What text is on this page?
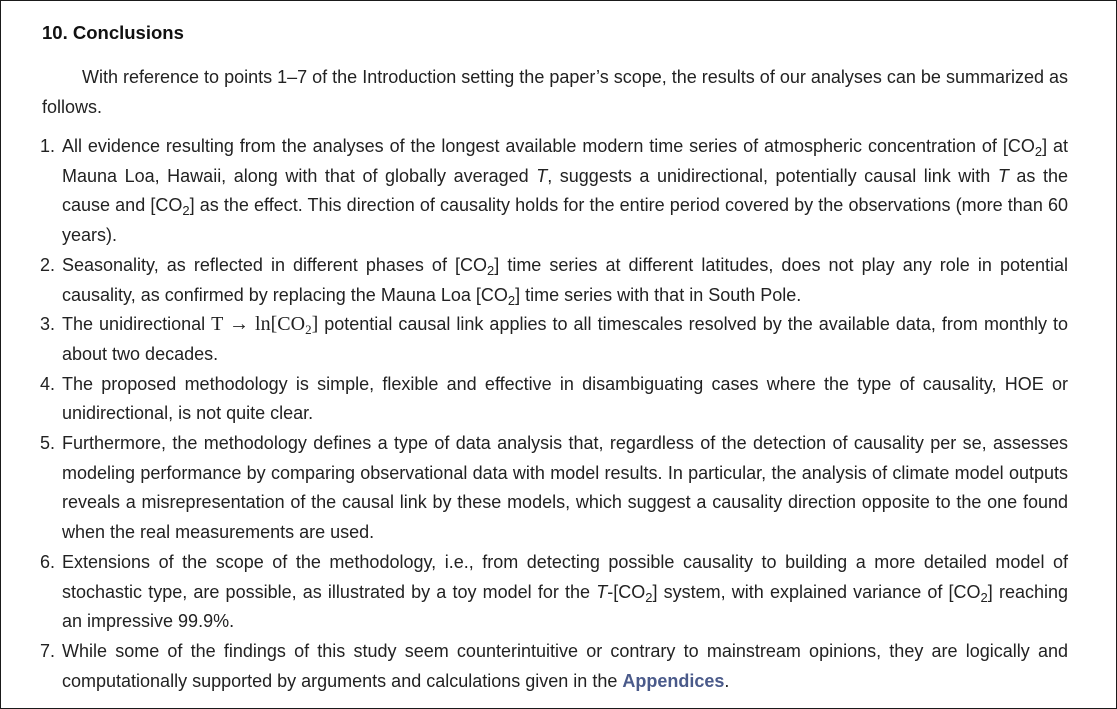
10. Conclusions

With reference to points 1–7 of the Introduction setting the paper’s scope, the results of our analyses can be summarized as follows.

1. All evidence resulting from the analyses of the longest available modern time series of atmospheric concentration of $[CO_2]$ at Mauna Loa, Hawaii, along with that of globally averaged T, suggests a unidirectional, potentially causal link with T as the cause and $[CO_2]$ as the effect. This direction of causality holds for the entire period covered by the observations (more than 60 years).
2. Seasonality, as reflected in different phases of $[CO_2]$ time series at different latitudes, does not play any role in potential causality, as confirmed by replacing the Mauna Loa $[CO_2]$ time series with that in South Pole.
3. The unidirectional $T \to \ln[CO_2]$ potential causal link applies to all timescales resolved by the available data, from monthly to about two decades.
4. The proposed methodology is simple, flexible and effective in disambiguating cases where the type of causality, HOE or unidirectional, is not quite clear.
5. Furthermore, the methodology defines a type of data analysis that, regardless of the detection of causality per se, assesses modeling performance by comparing observational data with model results. In particular, the analysis of climate model outputs reveals a misrepresentation of the causal link by these models, which suggest a causality direction opposite to the one found when the real measurements are used.
6. Extensions of the scope of the methodology, i.e., from detecting possible causality to building a more detailed model of stochastic type, are possible, as illustrated by a toy model for the $T-[CO_2]$ system, with explained variance of $[CO_2]$ reaching an impressive 99.9%.
7. While some of the findings of this study seem counterintuitive or contrary to mainstream opinions, they are logically and computationally supported by arguments and calculations given in the Appendices.
